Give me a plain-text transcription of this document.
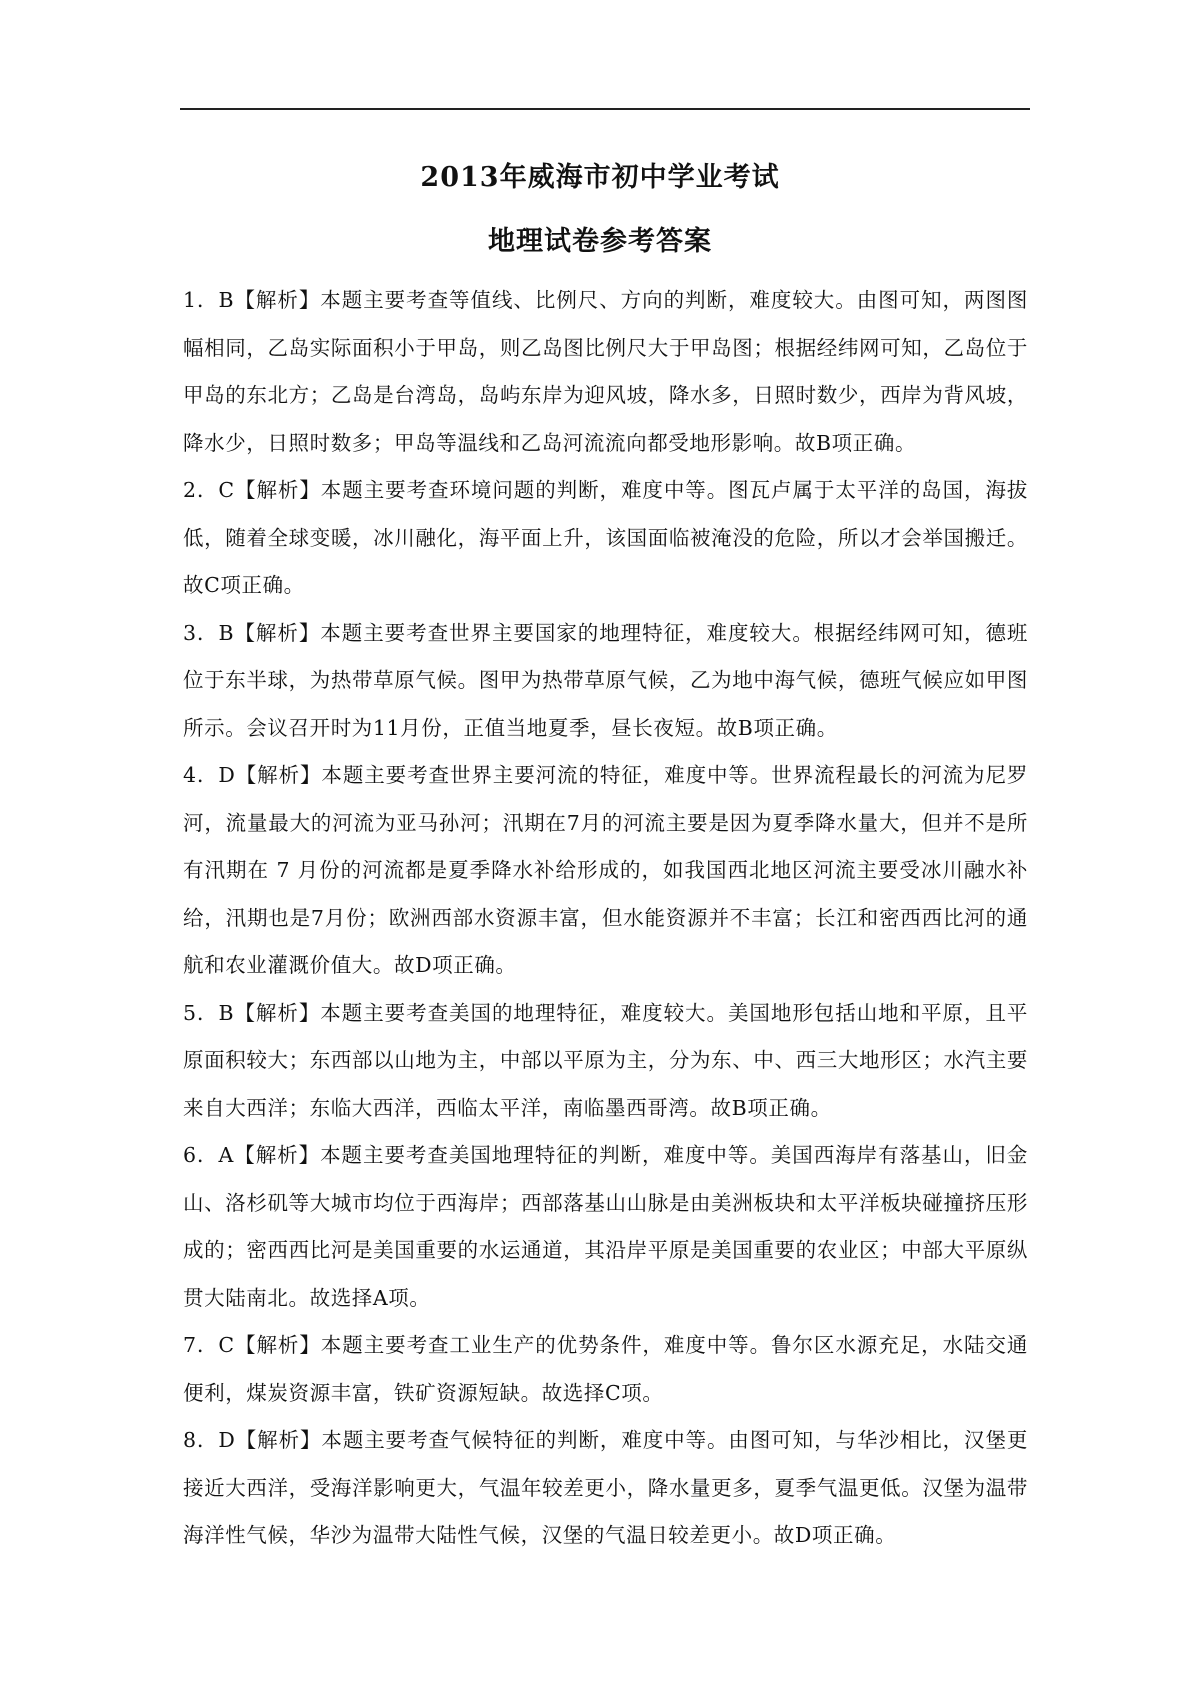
2013年威海市初中学业考试
地理试卷参考答案

1．B【解析】本题主要考查等值线、比例尺、方向的判断，难度较大。由图可知，两图图幅相同，乙岛实际面积小于甲岛，则乙岛图比例尺大于甲岛图；根据经纬网可知，乙岛位于甲岛的东北方；乙岛是台湾岛，岛屿东岸为迎风坡，降水多，日照时数少，西岸为背风坡，降水少，日照时数多；甲岛等温线和乙岛河流流向都受地形影响。故B项正确。

2．C【解析】本题主要考查环境问题的判断，难度中等。图瓦卢属于太平洋的岛国，海拔低，随着全球变暖，冰川融化，海平面上升，该国面临被淹没的危险，所以才会举国搬迁。故C项正确。

3．B【解析】本题主要考查世界主要国家的地理特征，难度较大。根据经纬网可知，德班位于东半球，为热带草原气候。图甲为热带草原气候，乙为地中海气候，德班气候应如甲图所示。会议召开时为11月份，正值当地夏季，昼长夜短。故B项正确。

4．D【解析】本题主要考查世界主要河流的特征，难度中等。世界流程最长的河流为尼罗河，流量最大的河流为亚马孙河；汛期在7月的河流主要是因为夏季降水量大，但并不是所有汛期在 7 月份的河流都是夏季降水补给形成的，如我国西北地区河流主要受冰川融水补给，汛期也是7月份；欧洲西部水资源丰富，但水能资源并不丰富；长江和密西西比河的通航和农业灌溉价值大。故D项正确。

5．B【解析】本题主要考查美国的地理特征，难度较大。美国地形包括山地和平原，且平原面积较大；东西部以山地为主，中部以平原为主，分为东、中、西三大地形区；水汽主要来自大西洋；东临大西洋，西临太平洋，南临墨西哥湾。故B项正确。

6．A【解析】本题主要考查美国地理特征的判断，难度中等。美国西海岸有落基山，旧金山、洛杉矶等大城市均位于西海岸；西部落基山山脉是由美洲板块和太平洋板块碰撞挤压形成的；密西西比河是美国重要的水运通道，其沿岸平原是美国重要的农业区；中部大平原纵贯大陆南北。故选择A项。

7．C【解析】本题主要考查工业生产的优势条件，难度中等。鲁尔区水源充足，水陆交通便利，煤炭资源丰富，铁矿资源短缺。故选择C项。

8．D【解析】本题主要考查气候特征的判断，难度中等。由图可知，与华沙相比，汉堡更接近大西洋，受海洋影响更大，气温年较差更小，降水量更多，夏季气温更低。汉堡为温带海洋性气候，华沙为温带大陆性气候，汉堡的气温日较差更小。故D项正确。
